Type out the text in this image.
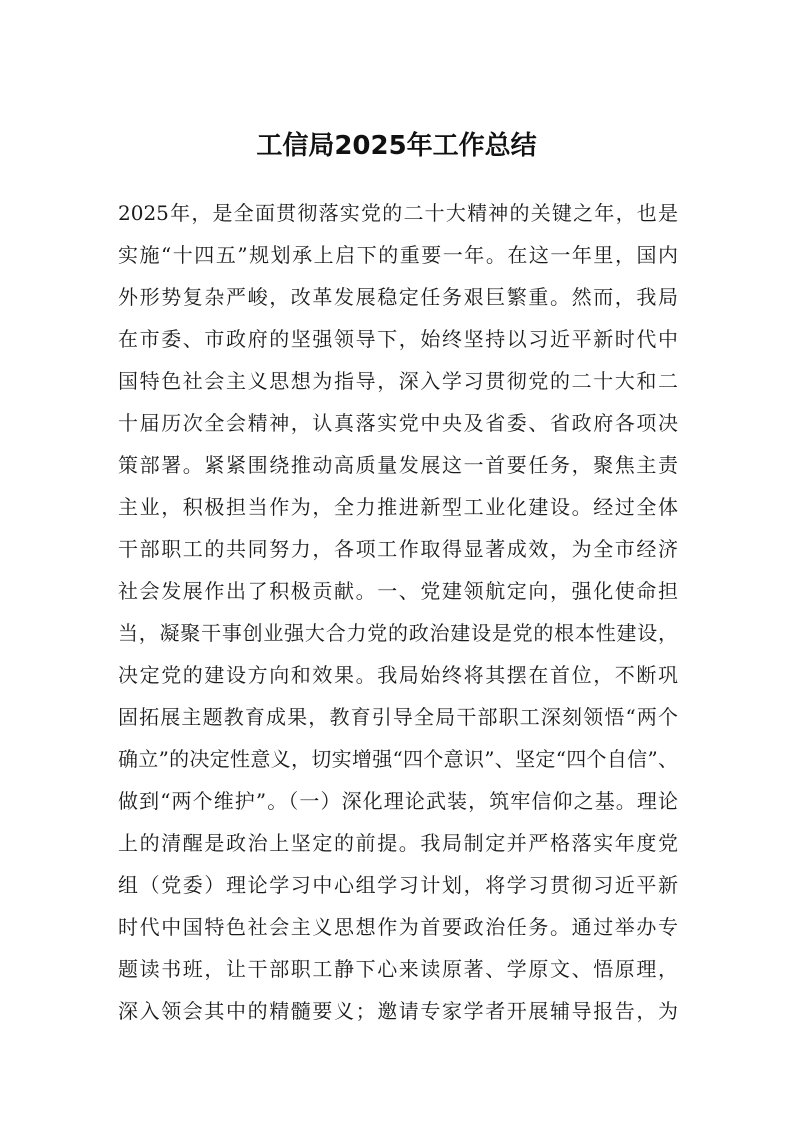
工信局2025年工作总结
2025年，是全面贯彻落实党的二十大精神的关键之年，也是
实施“十四五”规划承上启下的重要一年。在这一年里，国内
外形势复杂严峻，改革发展稳定任务艰巨繁重。然而，我局
在市委、市政府的坚强领导下，始终坚持以习近平新时代中
国特色社会主义思想为指导，深入学习贯彻党的二十大和二
十届历次全会精神，认真落实党中央及省委、省政府各项决
策部署。紧紧围绕推动高质量发展这一首要任务，聚焦主责
主业，积极担当作为，全力推进新型工业化建设。经过全体
干部职工的共同努力，各项工作取得显著成效，为全市经济
社会发展作出了积极贡献。一、党建领航定向，强化使命担
当，凝聚干事创业强大合力党的政治建设是党的根本性建设，
决定党的建设方向和效果。我局始终将其摆在首位，不断巩
固拓展主题教育成果，教育引导全局干部职工深刻领悟“两个
确立”的决定性意义，切实增强“四个意识”、坚定“四个自信”、
做到“两个维护”。（一）深化理论武装，筑牢信仰之基。理论
上的清醒是政治上坚定的前提。我局制定并严格落实年度党
组（党委）理论学习中心组学习计划，将学习贯彻习近平新
时代中国特色社会主义思想作为首要政治任务。通过举办专
题读书班，让干部职工静下心来读原著、学原文、悟原理，
深入领会其中的精髓要义；邀请专家学者开展辅导报告，为
